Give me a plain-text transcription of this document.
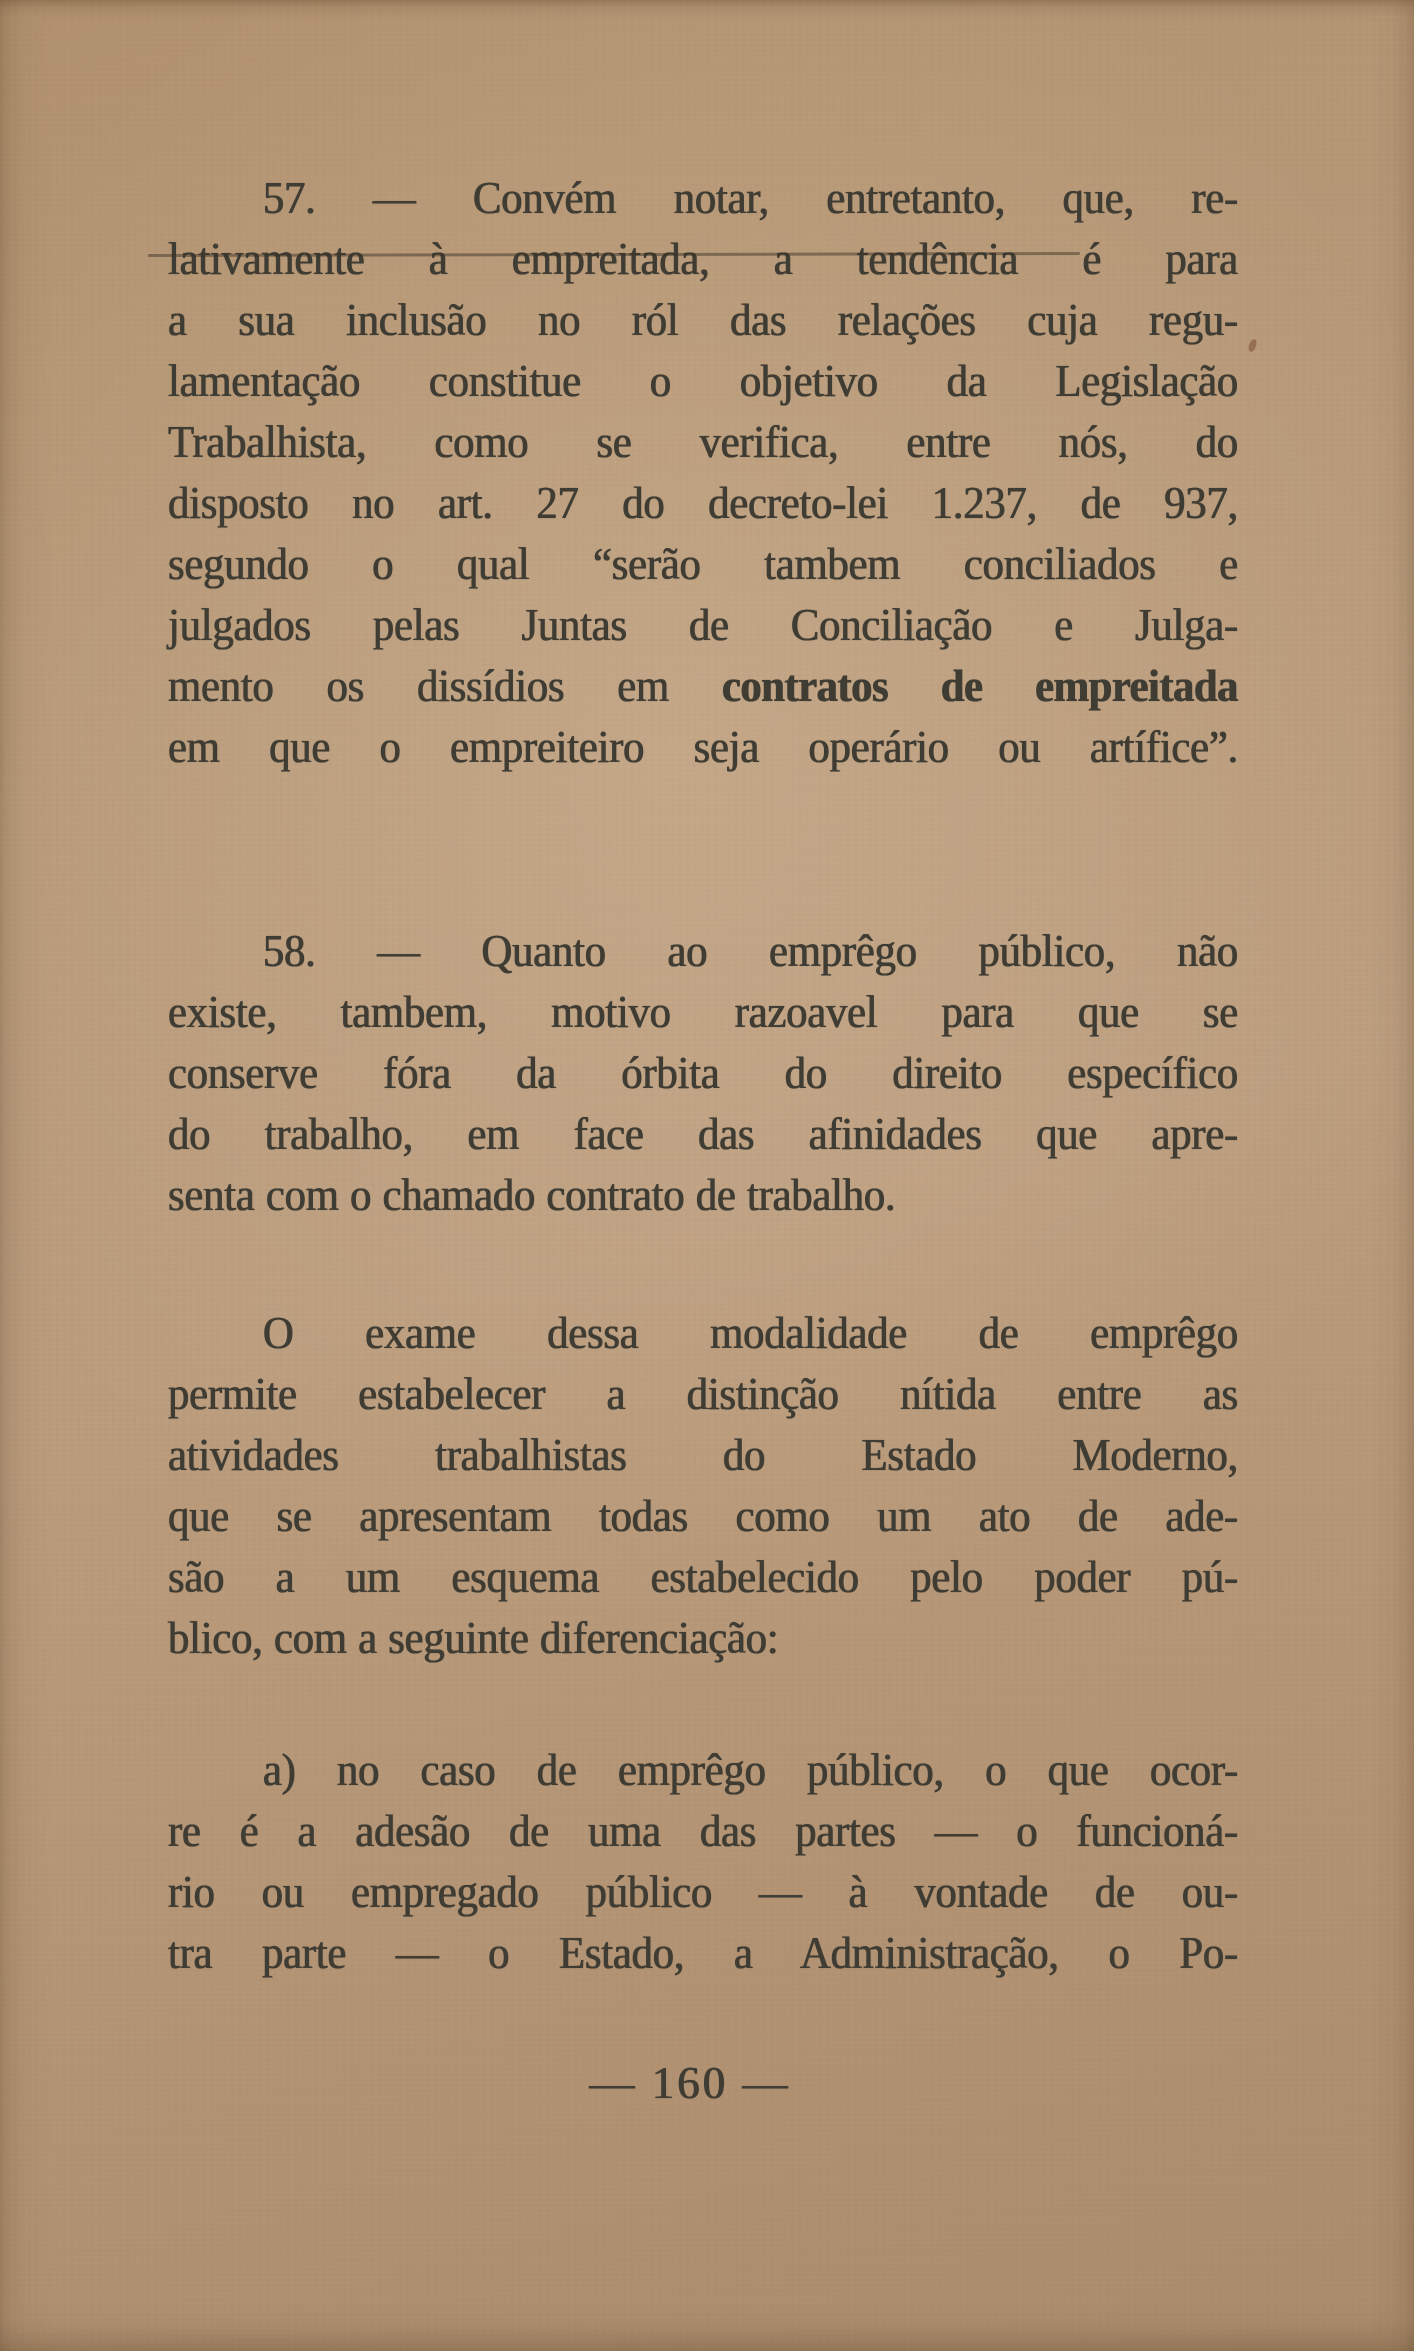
57. — Convém notar, entretanto, que, re-
lativamente à empreitada, a tendência é para
a sua inclusão no ról das relações cuja regu-
lamentação constitue o objetivo da Legislação
Trabalhista, como se verifica, entre nós, do
disposto no art. 27 do decreto-lei 1.237, de 937,
segundo o qual “serão tambem conciliados e
julgados pelas Juntas de Conciliação e Julga-
mento os dissídios em contratos de empreitada
em que o empreiteiro seja operário ou artífice”.
58. — Quanto ao emprêgo público, não
existe, tambem, motivo razoavel para que se
conserve fóra da órbita do direito específico
do trabalho, em face das afinidades que apre-
senta com o chamado contrato de trabalho.
O exame dessa modalidade de emprêgo
permite estabelecer a distinção nítida entre as
atividades trabalhistas do Estado Moderno,
que se apresentam todas como um ato de ade-
são a um esquema estabelecido pelo poder pú-
blico, com a seguinte diferenciação:
a) no caso de emprêgo público, o que ocor-
re é a adesão de uma das partes — o funcioná-
rio ou empregado público — à vontade de ou-
tra parte — o Estado, a Administração, o Po-
— 160 —
